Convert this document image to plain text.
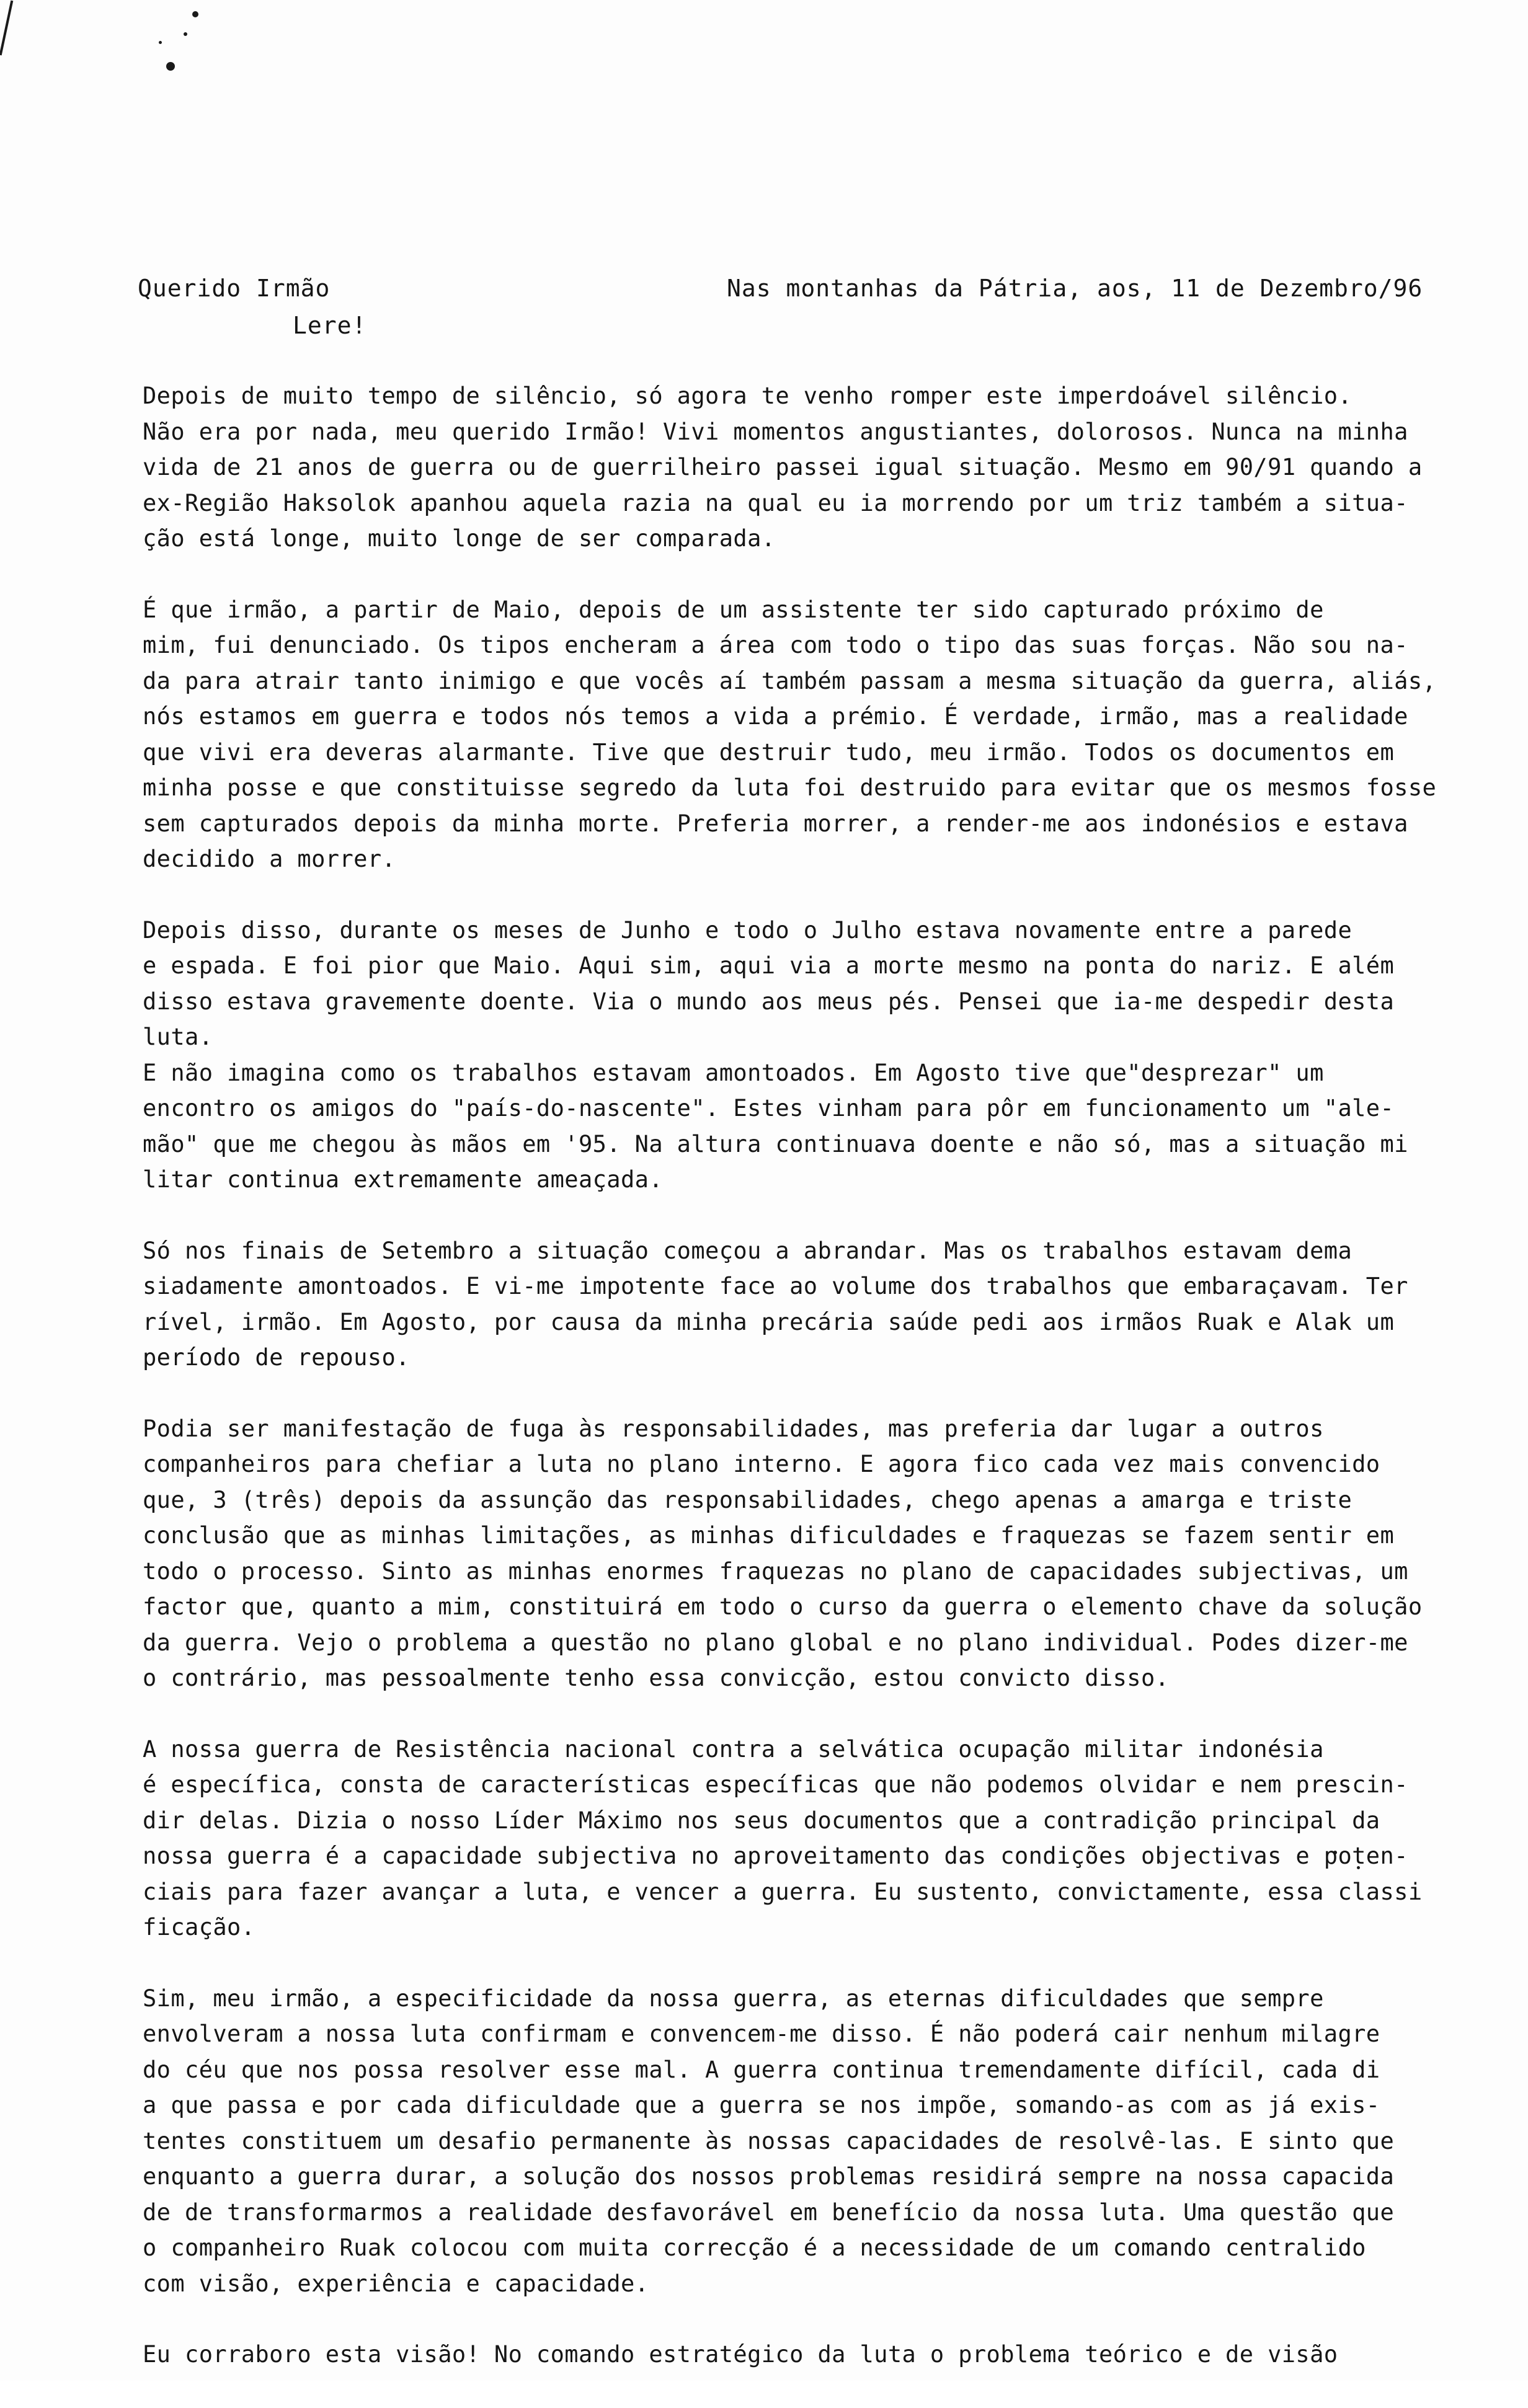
Querido Irmão
Lere!
Nas montanhas da Pátria, aos, 11 de Dezembro/96

Depois de muito tempo de silêncio, só agora te venho romper este imperdoável silêncio.
Não era por nada, meu querido Irmão! Vivi momentos angustiantes, dolorosos. Nunca na minha
vida de 21 anos de guerra ou de guerrilheiro passei igual situação. Mesmo em 90/91 quando a
ex-Região Haksolok apanhou aquela razia na qual eu ia morrendo por um triz também a situa-
ção está longe, muito longe de ser comparada.

É que irmão, a partir de Maio, depois de um assistente ter sido capturado próximo de
mim, fui denunciado. Os tipos encheram a área com todo o tipo das suas forças. Não sou na-
da para atrair tanto inimigo e que vocês aí também passam a mesma situação da guerra, aliás,
nós estamos em guerra e todos nós temos a vida a prémio. É verdade, irmão, mas a realidade
que vivi era deveras alarmante. Tive que destruir tudo, meu irmão. Todos os documentos em
minha posse e que constituisse segredo da luta foi destruido para evitar que os mesmos fosse
sem capturados depois da minha morte. Preferia morrer, a render-me aos indonésios e estava
decidido a morrer.

Depois disso, durante os meses de Junho e todo o Julho estava novamente entre a parede
e espada. E foi pior que Maio. Aqui sim, aqui via a morte mesmo na ponta do nariz. E além
disso estava gravemente doente. Via o mundo aos meus pés. Pensei que ia-me despedir desta
luta.

E não imagina como os trabalhos estavam amontoados. Em Agosto tive que"desprezar" um
encontro os amigos do "país-do-nascente". Estes vinham para pôr em funcionamento um "ale-
mão" que me chegou às mãos em '95. Na altura continuava doente e não só, mas a situação mi
litar continua extremamente ameaçada.

Só nos finais de Setembro a situação começou a abrandar. Mas os trabalhos estavam dema
siadamente amontoados. E vi-me impotente face ao volume dos trabalhos que embaraçavam. Ter
rível, irmão. Em Agosto, por causa da minha precária saúde pedi aos irmãos Ruak e Alak um
período de repouso.

Podia ser manifestação de fuga às responsabilidades, mas preferia dar lugar a outros
companheiros para chefiar a luta no plano interno. E agora fico cada vez mais convencido
que, 3 (três) depois da assunção das responsabilidades, chego apenas a amarga e triste
conclusão que as minhas limitações, as minhas dificuldades e fraquezas se fazem sentir em
todo o processo. Sinto as minhas enormes fraquezas no plano de capacidades subjectivas, um
factor que, quanto a mim, constituirá em todo o curso da guerra o elemento chave da solução
da guerra. Vejo o problema a questão no plano global e no plano individual. Podes dizer-me
o contrário, mas pessoalmente tenho essa convicção, estou convicto disso.

A nossa guerra de Resistência nacional contra a selvática ocupação militar indonésia
é específica, consta de características específicas que não podemos olvidar e nem prescin-
dir delas. Dizia o nosso Líder Máximo nos seus documentos que a contradição principal da
nossa guerra é a capacidade subjectiva no aproveitamento das condições objectivas e poten-
ciais para fazer avançar a luta, e vencer a guerra. Eu sustento, convictamente, essa classi
ficação.

Sim, meu irmão, a especificidade da nossa guerra, as eternas dificuldades que sempre
envolveram a nossa luta confirmam e convencem-me disso. É não poderá cair nenhum milagre
do céu que nos possa resolver esse mal. A guerra continua tremendamente difícil, cada di
a que passa e por cada dificuldade que a guerra se nos impõe, somando-as com as já exis-
tentes constituem um desafio permanente às nossas capacidades de resolvê-las. E sinto que
enquanto a guerra durar, a solução dos nossos problemas residirá sempre na nossa capacida
de de transformarmos a realidade desfavorável em benefício da nossa luta. Uma questão que
o companheiro Ruak colocou com muita correcção é a necessidade de um comando centralido
com visão, experiência e capacidade.

Eu corraboro esta visão! No comando estratégico da luta o problema teórico e de visão
